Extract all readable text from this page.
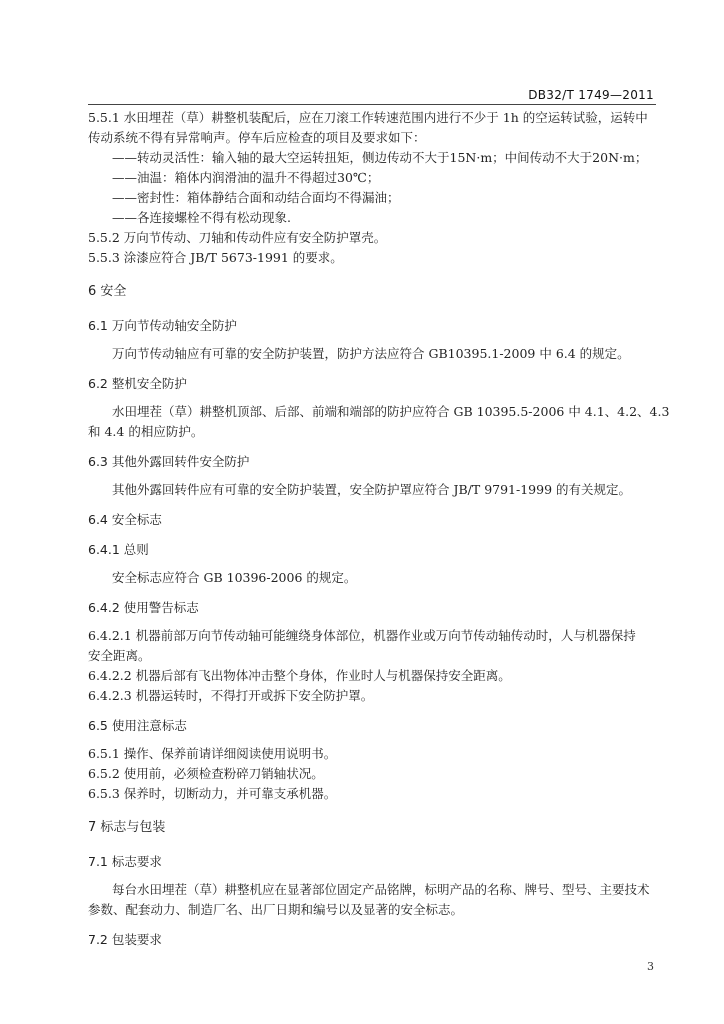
DB32/T 1749—2011
5.5.1 水田埋茬（草）耕整机装配后，应在刀滚工作转速范围内进行不少于 1h 的空运转试验，运转中
传动系统不得有异常响声。停车后应检查的项目及要求如下：
——转动灵活性：输入轴的最大空运转扭矩，侧边传动不大于15N·m；中间传动不大于20N·m；
——油温：箱体内润滑油的温升不得超过30℃；
——密封性：箱体静结合面和动结合面均不得漏油；
——各连接螺栓不得有松动现象.
5.5.2 万向节传动、刀轴和传动件应有安全防护罩壳。
5.5.3 涂漆应符合 JB/T 5673-1991 的要求。
6 安全
6.1 万向节传动轴安全防护
万向节传动轴应有可靠的安全防护装置，防护方法应符合 GB10395.1-2009 中 6.4 的规定。
6.2 整机安全防护
水田埋茬（草）耕整机顶部、后部、前端和端部的防护应符合 GB 10395.5-2006 中 4.1、4.2、4.3
和 4.4 的相应防护。
6.3 其他外露回转件安全防护
其他外露回转件应有可靠的安全防护装置，安全防护罩应符合 JB/T 9791-1999 的有关规定。
6.4 安全标志
6.4.1 总则
安全标志应符合 GB 10396-2006 的规定。
6.4.2 使用警告标志
6.4.2.1 机器前部万向节传动轴可能缠绕身体部位，机器作业或万向节传动轴传动时，人与机器保持
安全距离。
6.4.2.2 机器后部有飞出物体冲击整个身体，作业时人与机器保持安全距离。
6.4.2.3 机器运转时，不得打开或拆下安全防护罩。
6.5 使用注意标志
6.5.1 操作、保养前请详细阅读使用说明书。
6.5.2 使用前，必须检查粉碎刀销轴状况。
6.5.3 保养时，切断动力，并可靠支承机器。
7 标志与包装
7.1 标志要求
每台水田埋茬（草）耕整机应在显著部位固定产品铭牌，标明产品的名称、牌号、型号、主要技术
参数、配套动力、制造厂名、出厂日期和编号以及显著的安全标志。
7.2 包装要求
3
